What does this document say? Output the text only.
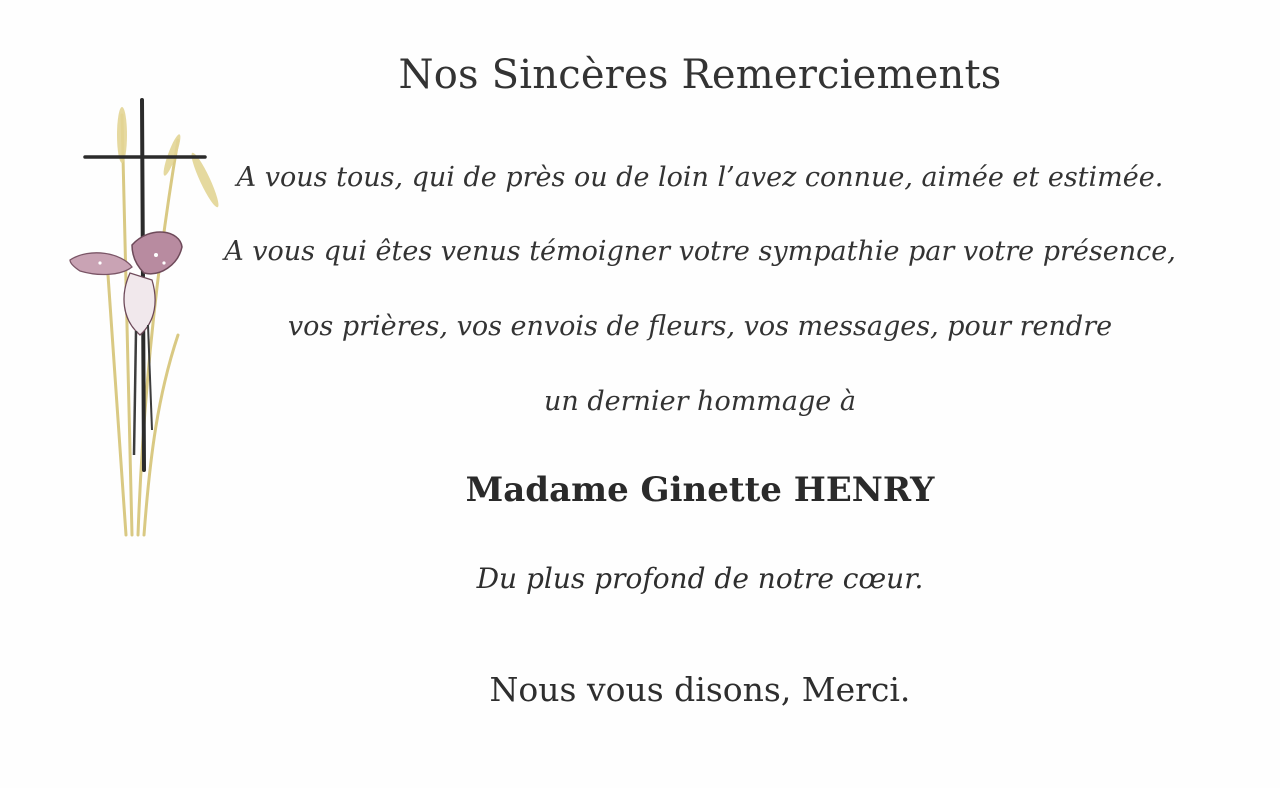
Nos Sincères Remerciements
A vous tous, qui de près ou de loin l’avez connue, aimée et estimée.
A vous qui êtes venus témoigner votre sympathie par votre présence,
vos prières, vos envois de fleurs, vos messages, pour rendre
un dernier hommage à
Madame Ginette HENRY
Du plus profond de notre cœur.
Nous vous disons, Merci.
